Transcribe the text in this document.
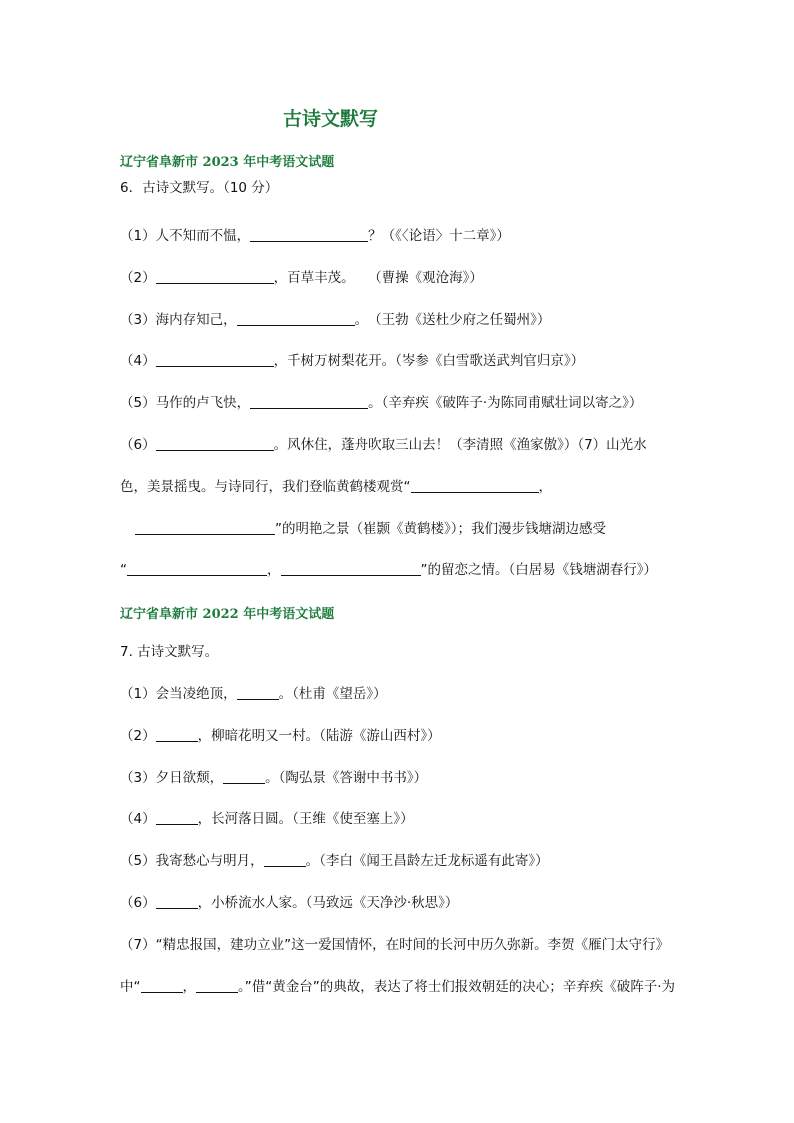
古诗文默写
辽宁省阜新市 2023 年中考语文试题
6．古诗文默写。（10 分）
（1）人不知而不愠，	？（《〈论语〉十二章》）
（2）	，百草丰茂。　　（曹操《观沧海》）
（3）海内存知己，	。　（王勃《送杜少府之任蜀州》）
（4）	，千树万树梨花开。（岑参《白雪歌送武判官归京》）
（5）马作的卢飞快，	。（辛弃疾《破阵子·为陈同甫赋壮词以寄之》）
（6）	。风休住，蓬舟吹取三山去！（李清照《渔家傲》）（7）山光水
色，美景摇曳。与诗同行，我们登临黄鹤楼观赏“	，
”的明艳之景（崔颢《黄鹤楼》）；我们漫步钱塘湖边感受
“	，	”的留恋之情。（白居易《钱塘湖春行》）
辽宁省阜新市 2022 年中考语文试题
7. 古诗文默写。
（1）会当凌绝顶，	。（杜甫《望岳》）
（2）	，柳暗花明又一村。（陆游《游山西村》）
（3）夕日欲颓，	。（陶弘景《答谢中书书》）
（4）	，长河落日圆。（王维《使至塞上》）
（5）我寄愁心与明月，	。（李白《闻王昌龄左迁龙标遥有此寄》）
（6）	，小桥流水人家。（马致远《天净沙·秋思》）
（7）“精忠报国，建功立业”这一爱国情怀，在时间的长河中历久弥新。李贺《雁门太守行》
中“	，	。”借“黄金台”的典故，表达了将士们报效朝廷的决心；辛弃疾《破阵子·为
